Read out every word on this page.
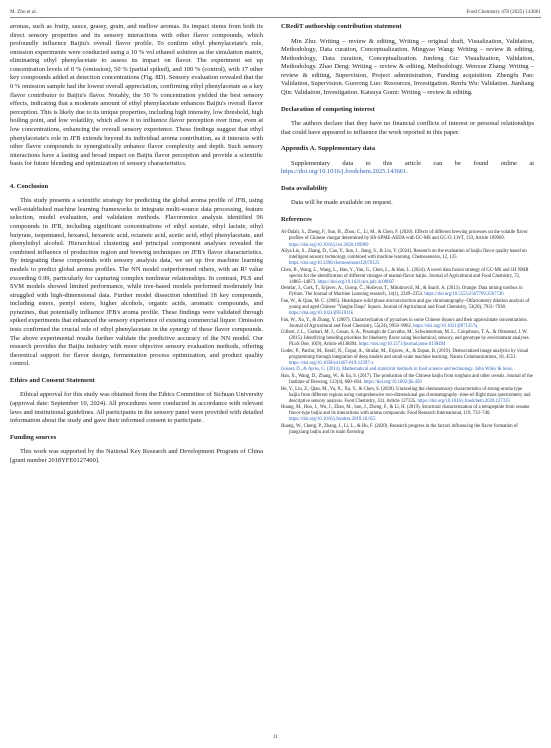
M. Zhu et al.	Food Chemistry 478 (2025) 143661

aromas, such as fruity, sauce, grassy, grain, and mellow aromas. Its impact stems from both its direct sensory properties and its sensory interactions with other flavor compounds, which profoundly influence Baijiu's overall flavor profile. To confirm ethyl phenylacetate's role, omission experiments were conducted using a 10 % vol ethanol solution as the simulation matrix, eliminating ethyl phenylacetate to assess its impact on flavor. The experiment set up concentration levels of 0 % (omission), 50 % (partial spiked), and 100 % (control), with 17 other key compounds added at detection concentrations (Fig. 8D). Sensory evaluation revealed that the 0 % omission sample had the lowest overall appreciation, confirming ethyl phenylacetate as a key flavor contributor to Baijiu's flavor. Notably, the 50 % concentration yielded the best sensory effects, indicating that a moderate amount of ethyl phenylacetate enhances Baijiu's overall flavor perception. This is likely due to its unique properties, including high intensity, low threshold, high boiling point, and low volatility, which allow it to influence flavor perception over time, even at low concentrations, enhancing the overall sensory experience. These findings suggest that ethyl phenylacetate's role in JFB extends beyond its individual aroma contribution, as it interacts with other flavor compounds to synergistically enhance flavor complexity and depth. Such sensory interactions have a lasting and broad impact on Baijiu flavor perception and provide a scientific basis for future blending and optimization of sensory characteristics.

4. Conclusion

This study presents a scientific strategy for predicting the global aroma profile of JFB, using well-established machine learning frameworks to integrate multi-source data processing, feature selection, model evaluation, and validation methods. Flavoromics analysis identified 96 compounds in JFB, including significant concentrations of ethyl acetate, ethyl lactate, ethyl butyrate, isopentanol, hexanol, hexanoic acid, octanoic acid, acetic acid, ethyl phenylacetate, and phenylethyl alcohol. Hierarchical clustering and principal component analyses revealed the combined influence of production region and brewing techniques on JFB's flavor characteristics. By integrating these compounds with sensory analysis data, we set up five machine learning models to predict global aroma profiles. The NN model outperformed others, with an R² value exceeding 0.99, particularly for capturing complex nonlinear relationships. In contrast, PLS and SVM models showed limited performance, while tree-based models performed moderately but struggled with high-dimensional data. Further model dissection identified 18 key compounds, including esters, pentyl esters, higher alcohols, organic acids, aromatic compounds, and pyrazines, that potentially influence JFB's aroma profile. These findings were validated through spiked experiments that enhanced the sensory experience of existing commercial liquor. Omission tests confirmed the crucial role of ethyl phenylacetate in the synergy of these flavor compounds. The above experimental results further validate the predictive accuracy of the NN model. Our research provides the Baijiu industry with more objective sensory evaluation methods, offering theoretical support for flavor design, fermentation process optimization, and product quality control.

Ethics and Consent Statement

Ethical approval for this study was obtained from the Ethics Committee of Sichuan University (approval date: September 10, 2024). All procedures were conducted in accordance with relevant laws and institutional guidelines. All participants in the sensory panel were provided with detailed information about the study and gave their informed consent to participate.

Funding sources

This work was supported by the National Key Research and Development Program of China [grant number 2018YFE0127400].

CRediT authorship contribution statement

Min Zhu: Writing – review & editing, Writing – original draft, Visualization, Validation, Methodology, Data curation, Conceptualization. Mingyao Wang: Writing – review & editing, Methodology, Data curation, Conceptualization. Junfeng Gu: Visualization, Validation, Methodology. Zhao Deng: Writing – review & editing, Methodology. Wenxue Zhang: Writing – review & editing, Supervision, Project administration, Funding acquisition. Zhengfu Pan: Validation, Supervision. Guorong Luo: Resources, Investigation. Renfu Wu: Validation. Jianliang Qin: Validation, Investigation. Katsuya Gomi: Writing – review & editing.

Declaration of competing interest

The authors declare that they have no financial conflicts of interest or personal relationships that could have appeared to influence the work reported in this paper.

Appendix A. Supplementary data

Supplementary data to this article can be found online at https://doi.org/10.1016/j.foodchem.2025.143661.

Data availability

Data will be made available on request.

References

Al-Dalali, S., Zheng, F., Sun, B., Zhou, C., Li, M., & Chen, F. (2020). Effects of different brewing processes on the volatile flavor profiles of Chinese vinegar determined by HS-SPME-AEDA with GC-MS and GC-O. LWT, 133, Article 109969. https://doi.org/10.1016/j.lwt.2020.109969

Aliya Liu, S., Zhang, D., Cao, Y., Sun, J., Jiang, S., & Liu, Y. (2024). Research on the evaluation of baijiu flavor quality based on intelligent sensory technology combined with machine learning. Chemosensors, 12, 125. https://doi.org/10.3390/chemosensors12070125

Chen, B., Wang, L., Wang, L., Han, Y., Yan, G., Chen, L., & Han, L. (2024). A novel data fusion strategy of GC-MS and 1H NMR spectra for the identification of different vintages of maotai-flavor baijiu. Journal of Agricultural and Food Chemistry, 72, 14865–14873. https://doi.org/10.1021/acs.jafc.4c00607

Demšar, J., Curk, T., Erjavec, A., Gorup, Č., Hočevar, T., Milutinovič, M., & Starič, A. (2013). Orange: Data mining toolbox in Python. The Journal of Machine Learning research, 14(1), 2349–2353. https://doi.org/10.5555/2567709.2567736

Fan, W., & Qian, M. C. (2005). Headspace solid phase microextraction and gas chromatography−Olfactometry dilution analysis of young and aged Chinese "Yanghe Daqu" liquors. Journal of Agricultural and Food Chemistry, 53(20), 7931–7938. https://doi.org/10.1021/jf051011k

Fan, W., Xu, Y., & Zhang, Y. (2007). Characterization of pyrazines in some Chinese liquors and their approximate concentrations. Journal of Agricultural and Food Chemistry, 55(24), 9956–9962. https://doi.org/10.1021/jf071357q

Gilbert, J. L., Guthart, M. J., Gezan, S. A., Pisaroglo de Carvalho, M., Schwieterman, M. L., Colquhoun, T. A., & Olmstead, J. W. (2015). Identifying breeding priorities for blueberry flavor using biochemical, sensory, and genotype by environment analyses. PLoS One, 10(9), Article e0138494. https://doi.org/10.1371/journal.pone.0138494

Godec, P., Pančur, M., Ilenič, N., Čopar, A., Stražar, M., Erjavec, A., & Zupan, B. (2019). Democratized image analytics by visual programming through integration of deep models and small-scale machine learning. Nature Communications, 10, 4551. https://doi.org/10.1038/s41467-019-12397-x

Gosset, D., & Ayres, G. (2014). Mathematical and statistical methods in food science and technology. John Wiley & Sons.

Han, X., Wang, D., Zhang, W., & Jia, S. (2017). The production of the Chinese baijiu from sorghum and other cereals. Journal of the Institute of Brewing, 123(4), 600–604. https://doi.org/10.1002/jib.450

He, Y., Liu, Z., Qian, M., Yu, X., Xu, Y., & Chen, S. (2020). Unraveling the chemosensory characteristics of strong-aroma type baijiu from different regions using comprehensive two-dimensional gas chromatography−time-of-flight mass spectrometry and descriptive sensory analysis. Food Chemistry, 331, Article 127335. https://doi.org/10.1016/j.foodchem.2020.127335

Huang, M., Huo, J., Wu, J., Zhao, M., Sun, J., Zheng, F., & Li, H. (2019). Structural characterization of a tetrapeptide from sesame flavor-type baijiu and its interactions with aroma compounds. Food Research International, 119, 733–740. https://doi.org/10.1016/j.foodres.2018.10.055

Huang, W., Cheng, P., Zhang, J., Li, L., & Hu, F. (2020). Research progress in the factors influencing the flavor formation of jiangxiang baijiu and its main flavoring

11
